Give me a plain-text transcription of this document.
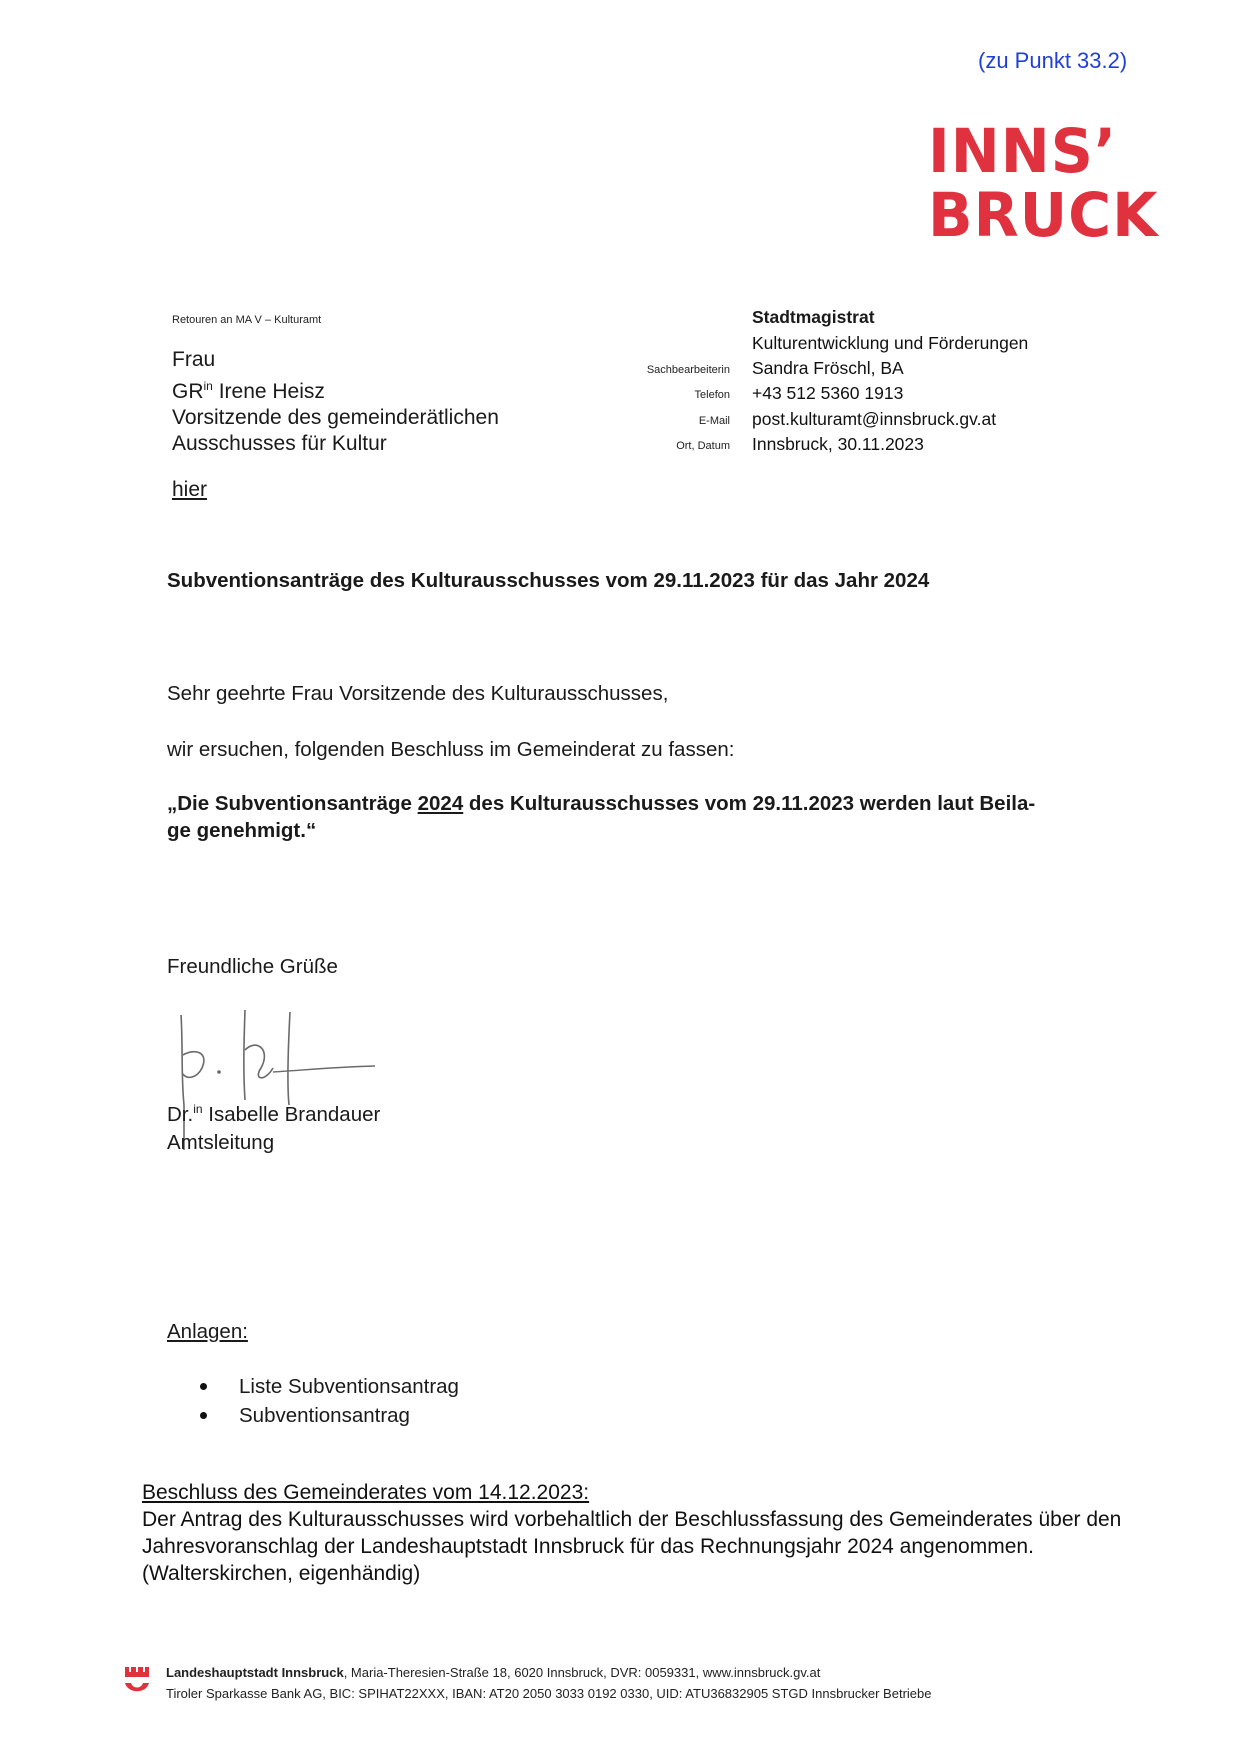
(zu Punkt 33.2)
INNS’
BRUCK
Retouren an MA V – Kulturamt
Frau
$GR^{in}$ Irene Heisz
Vorsitzende des gemeinderätlichen
Ausschusses für Kultur
hier
Stadtmagistrat
Kulturentwicklung und Förderungen
Sachbearbeiterin Sandra Fröschl, BA
Telefon +43 512 5360 1913
E-Mail post.kulturamt@innsbruck.gv.at
Ort, Datum Innsbruck, 30.11.2023
Subventionsanträge des Kulturausschusses vom 29.11.2023 für das Jahr 2024
Sehr geehrte Frau Vorsitzende des Kulturausschusses,
wir ersuchen, folgenden Beschluss im Gemeinderat zu fassen:
„Die Subventionsanträge 2024 des Kulturausschusses vom 29.11.2023 werden laut Beila-
ge genehmigt.“
Freundliche Grüße
Dr.$^{in}$ Isabelle Brandauer
Amtsleitung
Anlagen:
Liste Subventionsantrag
Subventionsantrag
Beschluss des Gemeinderates vom 14.12.2023:
Der Antrag des Kulturausschusses wird vorbehaltlich der Beschlussfassung des Gemeinderates über den
Jahresvoranschlag der Landeshauptstadt Innsbruck für das Rechnungsjahr 2024 angenommen.
(Walterskirchen, eigenhändig)
Landeshauptstadt Innsbruck, Maria-Theresien-Straße 18, 6020 Innsbruck, DVR: 0059331, www.innsbruck.gv.at
Tiroler Sparkasse Bank AG, BIC: SPIHAT22XXX, IBAN: AT20 2050 3033 0192 0330, UID: ATU36832905 STGD Innsbrucker Betriebe
